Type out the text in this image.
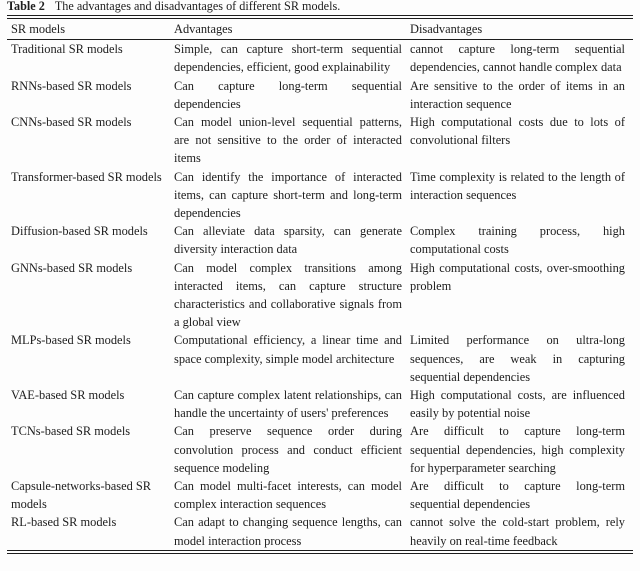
Table 2 The advantages and disadvantages of different SR models.
SR models	Advantages	Disadvantages
Traditional SR models	Simple, can capture short-term sequential dependencies, efficient, good explainability	cannot capture long-term sequential dependencies, cannot handle complex data
RNNs-based SR models	Can capture long-term sequential dependencies	Are sensitive to the order of items in an interaction sequence
CNNs-based SR models	Can model union-level sequential patterns, are not sensitive to the order of interacted items	High computational costs due to lots of convolutional filters
Transformer-based SR models	Can identify the importance of interacted items, can capture short-term and long-term dependencies	Time complexity is related to the length of interaction sequences
Diffusion-based SR models	Can alleviate data sparsity, can generate diversity interaction data	Complex training process, high computational costs
GNNs-based SR models	Can model complex transitions among interacted items, can capture structure characteristics and collaborative signals from a global view	High computational costs, over-smoothing problem
MLPs-based SR models	Computational efficiency, a linear time and space complexity, simple model architecture	Limited performance on ultra-long sequences, are weak in capturing sequential dependencies
VAE-based SR models	Can capture complex latent relationships, can handle the uncertainty of users' preferences	High computational costs, are influenced easily by potential noise
TCNs-based SR models	Can preserve sequence order during convolution process and conduct efficient sequence modeling	Are difficult to capture long-term sequential dependencies, high complexity for hyperparameter searching
Capsule-networks-based SR models	Can model multi-facet interests, can model complex interaction sequences	Are difficult to capture long-term sequential dependencies
RL-based SR models	Can adapt to changing sequence lengths, can model interaction process	cannot solve the cold-start problem, rely heavily on real-time feedback
